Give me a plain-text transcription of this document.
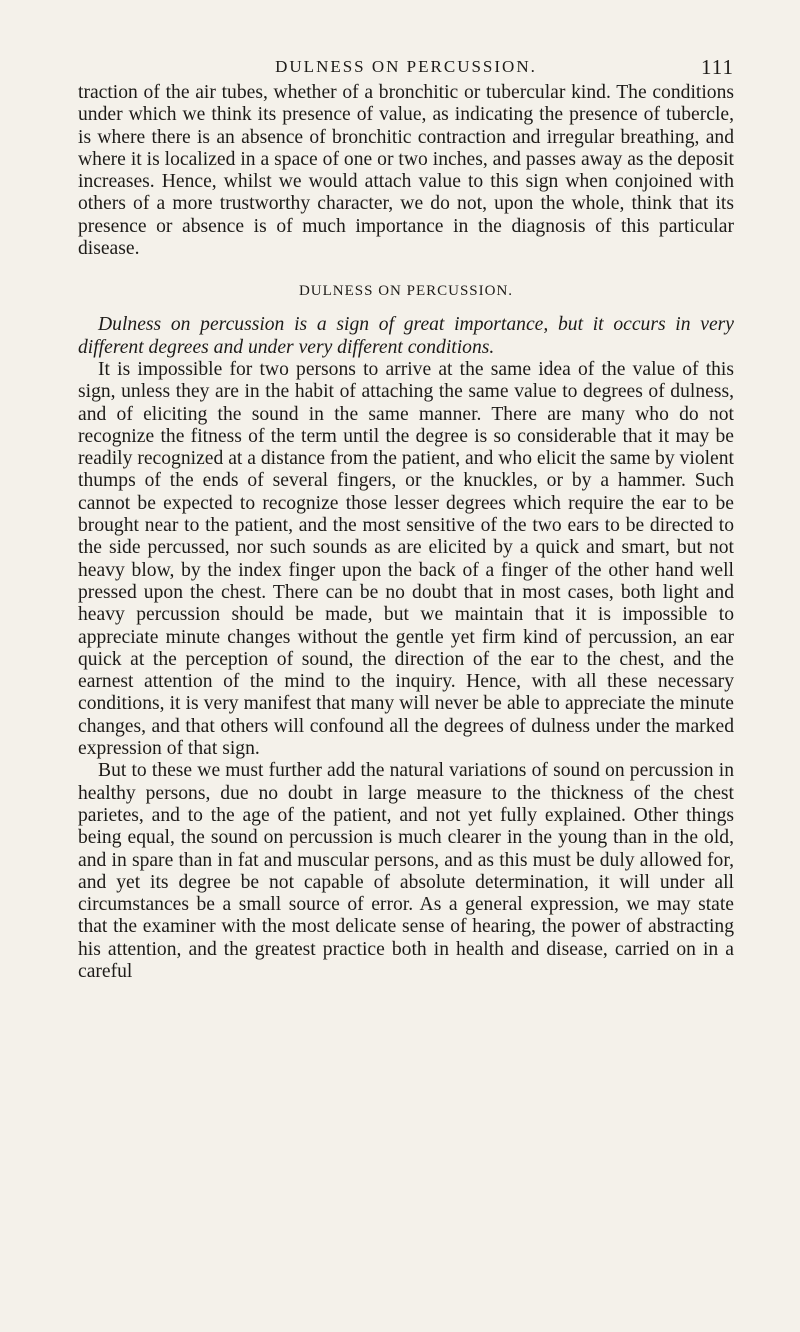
DULNESS ON PERCUSSION.	111

traction of the air tubes, whether of a bronchitic or tubercular kind. The conditions under which we think its presence of value, as indicating the presence of tubercle, is where there is an absence of bronchitic contraction and irregular breathing, and where it is localized in a space of one or two inches, and passes away as the deposit increases. Hence, whilst we would attach value to this sign when conjoined with others of a more trustworthy character, we do not, upon the whole, think that its presence or absence is of much importance in the diagnosis of this particular disease.

DULNESS ON PERCUSSION.

Dulness on percussion is a sign of great importance, but it occurs in very different degrees and under very different conditions.

It is impossible for two persons to arrive at the same idea of the value of this sign, unless they are in the habit of attaching the same value to degrees of dulness, and of eliciting the sound in the same manner. There are many who do not recognize the fitness of the term until the degree is so considerable that it may be readily recognized at a distance from the patient, and who elicit the same by violent thumps of the ends of several fingers, or the knuckles, or by a hammer. Such cannot be expected to recognize those lesser degrees which require the ear to be brought near to the patient, and the most sensitive of the two ears to be directed to the side percussed, nor such sounds as are elicited by a quick and smart, but not heavy blow, by the index finger upon the back of a finger of the other hand well pressed upon the chest. There can be no doubt that in most cases, both light and heavy percussion should be made, but we maintain that it is impossible to appreciate minute changes without the gentle yet firm kind of percussion, an ear quick at the perception of sound, the direction of the ear to the chest, and the earnest attention of the mind to the inquiry. Hence, with all these necessary conditions, it is very manifest that many will never be able to appreciate the minute changes, and that others will confound all the degrees of dulness under the marked expression of that sign.

But to these we must further add the natural variations of sound on percussion in healthy persons, due no doubt in large measure to the thickness of the chest parietes, and to the age of the patient, and not yet fully explained. Other things being equal, the sound on percussion is much clearer in the young than in the old, and in spare than in fat and muscular persons, and as this must be duly allowed for, and yet its degree be not capable of absolute determination, it will under all circumstances be a small source of error. As a general expression, we may state that the examiner with the most delicate sense of hearing, the power of abstracting his attention, and the greatest practice both in health and disease, carried on in a careful
